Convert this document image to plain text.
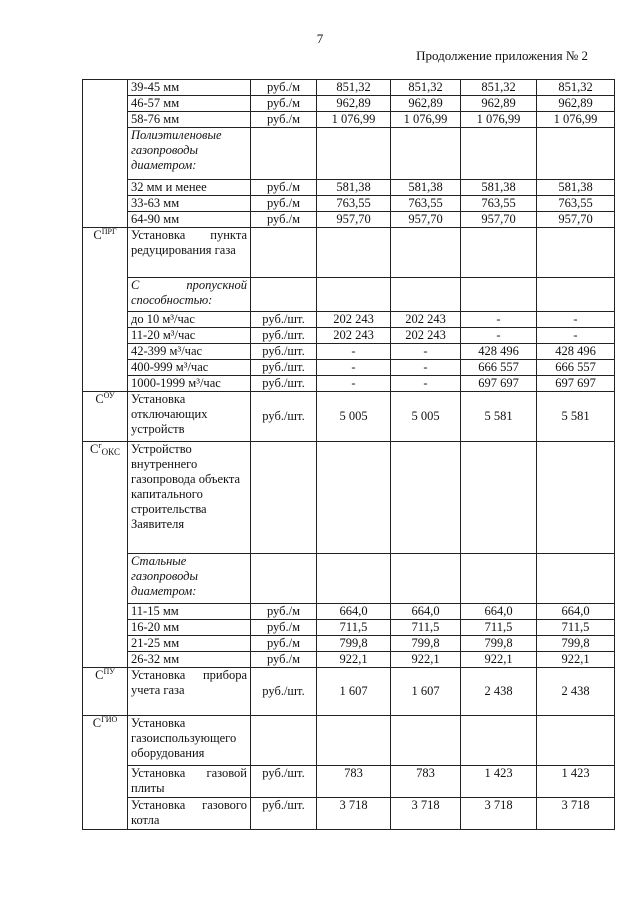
7
Продолжение приложения № 2
	39-45 мм	руб./м	851,32	851,32	851,32	851,32
	46-57 мм	руб./м	962,89	962,89	962,89	962,89
	58-76 мм	руб./м	1 076,99	1 076,99	1 076,99	1 076,99
	Полиэтиленовые газопроводы диаметром:					
	32 мм и менее	руб./м	581,38	581,38	581,38	581,38
	33-63 мм	руб./м	763,55	763,55	763,55	763,55
	64-90 мм	руб./м	957,70	957,70	957,70	957,70
$С^{ПРГ}$	Установка пункта редуцирования газа					
	С пропускной способностью:					
	до 10 м³/час	руб./шт.	202 243	202 243	-	-
	11-20 м³/час	руб./шт.	202 243	202 243	-	-
	42-399 м³/час	руб./шт.	-	-	428 496	428 496
	400-999 м³/час	руб./шт.	-	-	666 557	666 557
	1000-1999 м³/час	руб./шт.	-	-	697 697	697 697
$С^{ОУ}$	Установка отключающих устройств	руб./шт.	5 005	5 005	5 581	5 581
$С^гОКС$	Устройство внутреннего газопровода объекта капитального строительства Заявителя					
	Стальные газопроводы диаметром:					
	11-15 мм	руб./м	664,0	664,0	664,0	664,0
	16-20 мм	руб./м	711,5	711,5	711,5	711,5
	21-25 мм	руб./м	799,8	799,8	799,8	799,8
	26-32 мм	руб./м	922,1	922,1	922,1	922,1
$С^{ПУ}$	Установка прибора учета газа	руб./шт.	1 607	1 607	2 438	2 438
$С^{ГИО}$	Установка газоиспользующего оборудования					
	Установка газовой плиты	руб./шт.	783	783	1 423	1 423
	Установка газового котла	руб./шт.	3 718	3 718	3 718	3 718
